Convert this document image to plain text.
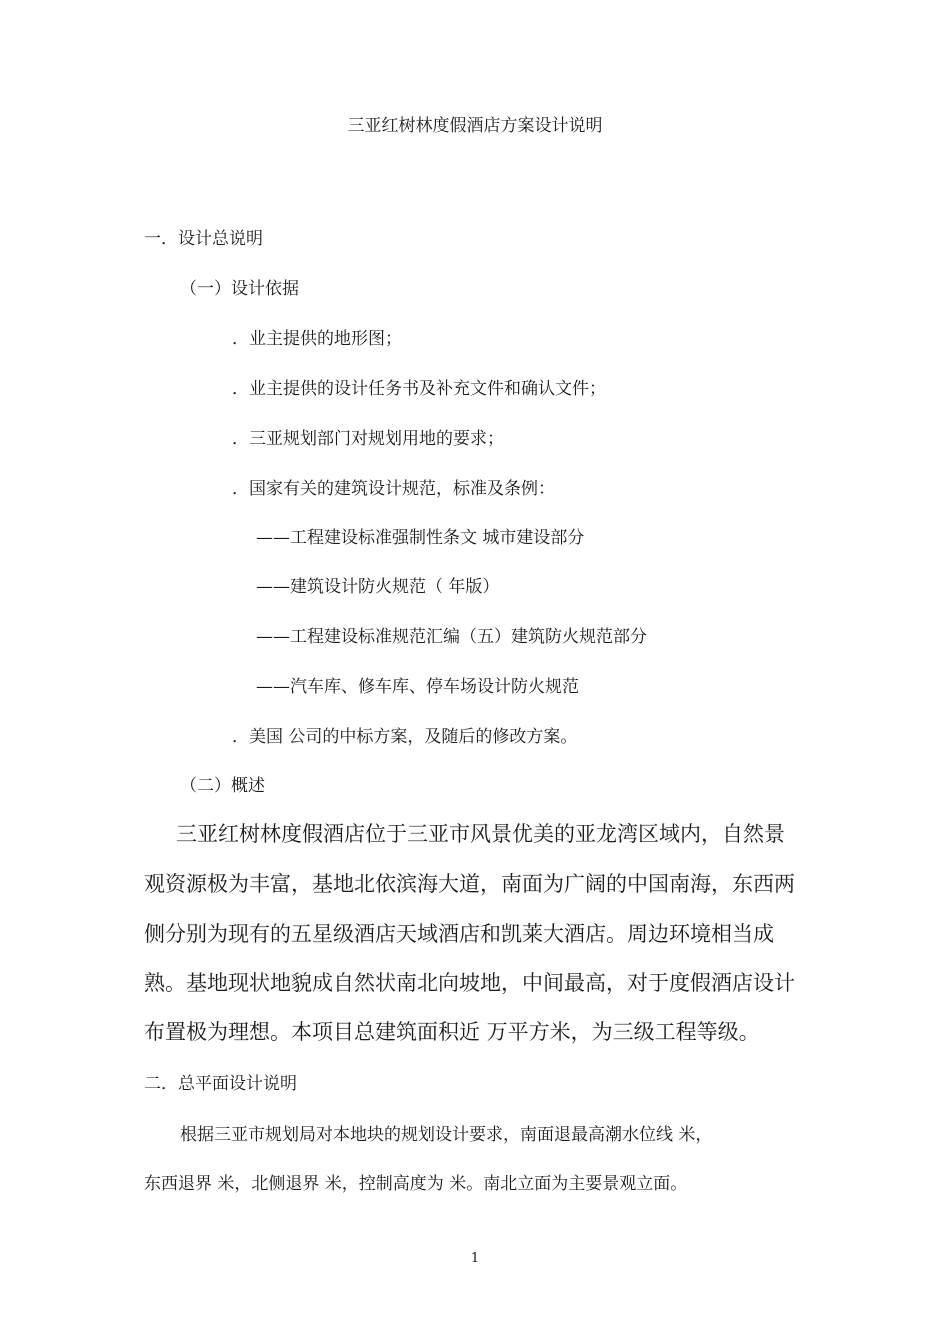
三亚红树林度假酒店方案设计说明

一．设计总说明

（一）设计依据

．业主提供的地形图；

．业主提供的设计任务书及补充文件和确认文件；

．三亚规划部门对规划用地的要求；

．国家有关的建筑设计规范，标准及条例：

——工程建设标准强制性条文 城市建设部分

——建筑设计防火规范（ 年版）

——工程建设标准规范汇编（五）建筑防火规范部分

——汽车库、修车库、停车场设计防火规范

．美国 公司的中标方案，及随后的修改方案。

（二）概述

三亚红树林度假酒店位于三亚市风景优美的亚龙湾区域内，自然景

观资源极为丰富，基地北依滨海大道，南面为广阔的中国南海，东西两

侧分别为现有的五星级酒店天域酒店和凯莱大酒店。周边环境相当成

熟。基地现状地貌成自然状南北向坡地，中间最高，对于度假酒店设计

布置极为理想。本项目总建筑面积近 万平方米，为三级工程等级。

二．总平面设计说明

根据三亚市规划局对本地块的规划设计要求，南面退最高潮水位线 米，

东西退界 米，北侧退界 米，控制高度为 米。南北立面为主要景观立面。

1
